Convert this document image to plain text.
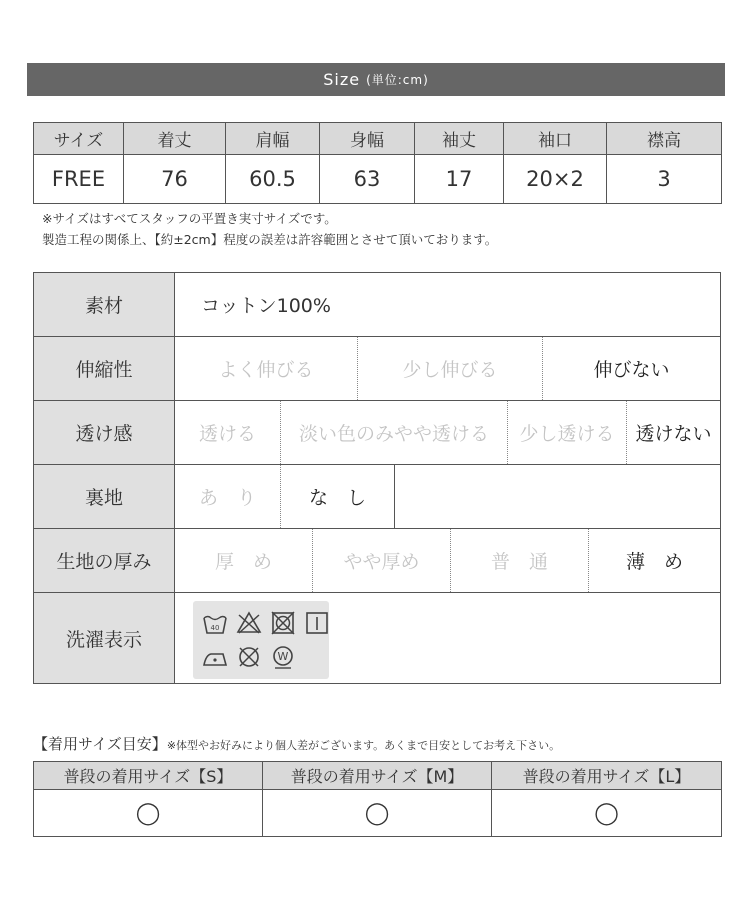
Size (単位:cm)
サイズ	着丈	肩幅	身幅	袖丈	袖口	襟高
FREE	76	60.5	63	17	20×2	3
※サイズはすべてスタッフの平置き実寸サイズです。
製造工程の関係上、【約±2cm】程度の誤差は許容範囲とさせて頂いております。
素材	コットン100%
伸縮性	よく伸びる	少し伸びる	伸びない
透け感	透ける	淡い色のみやや透ける	少し透ける	透けない
裏地	あ　り	な　し
生地の厚み	厚　め	やや厚め	普　通	薄　め
洗濯表示
40
W
【着用サイズ目安】※体型やお好みにより個人差がございます。あくまで目安としてお考え下さい。
普段の着用サイズ【S】	普段の着用サイズ【M】	普段の着用サイズ【L】
◯	◯	◯
